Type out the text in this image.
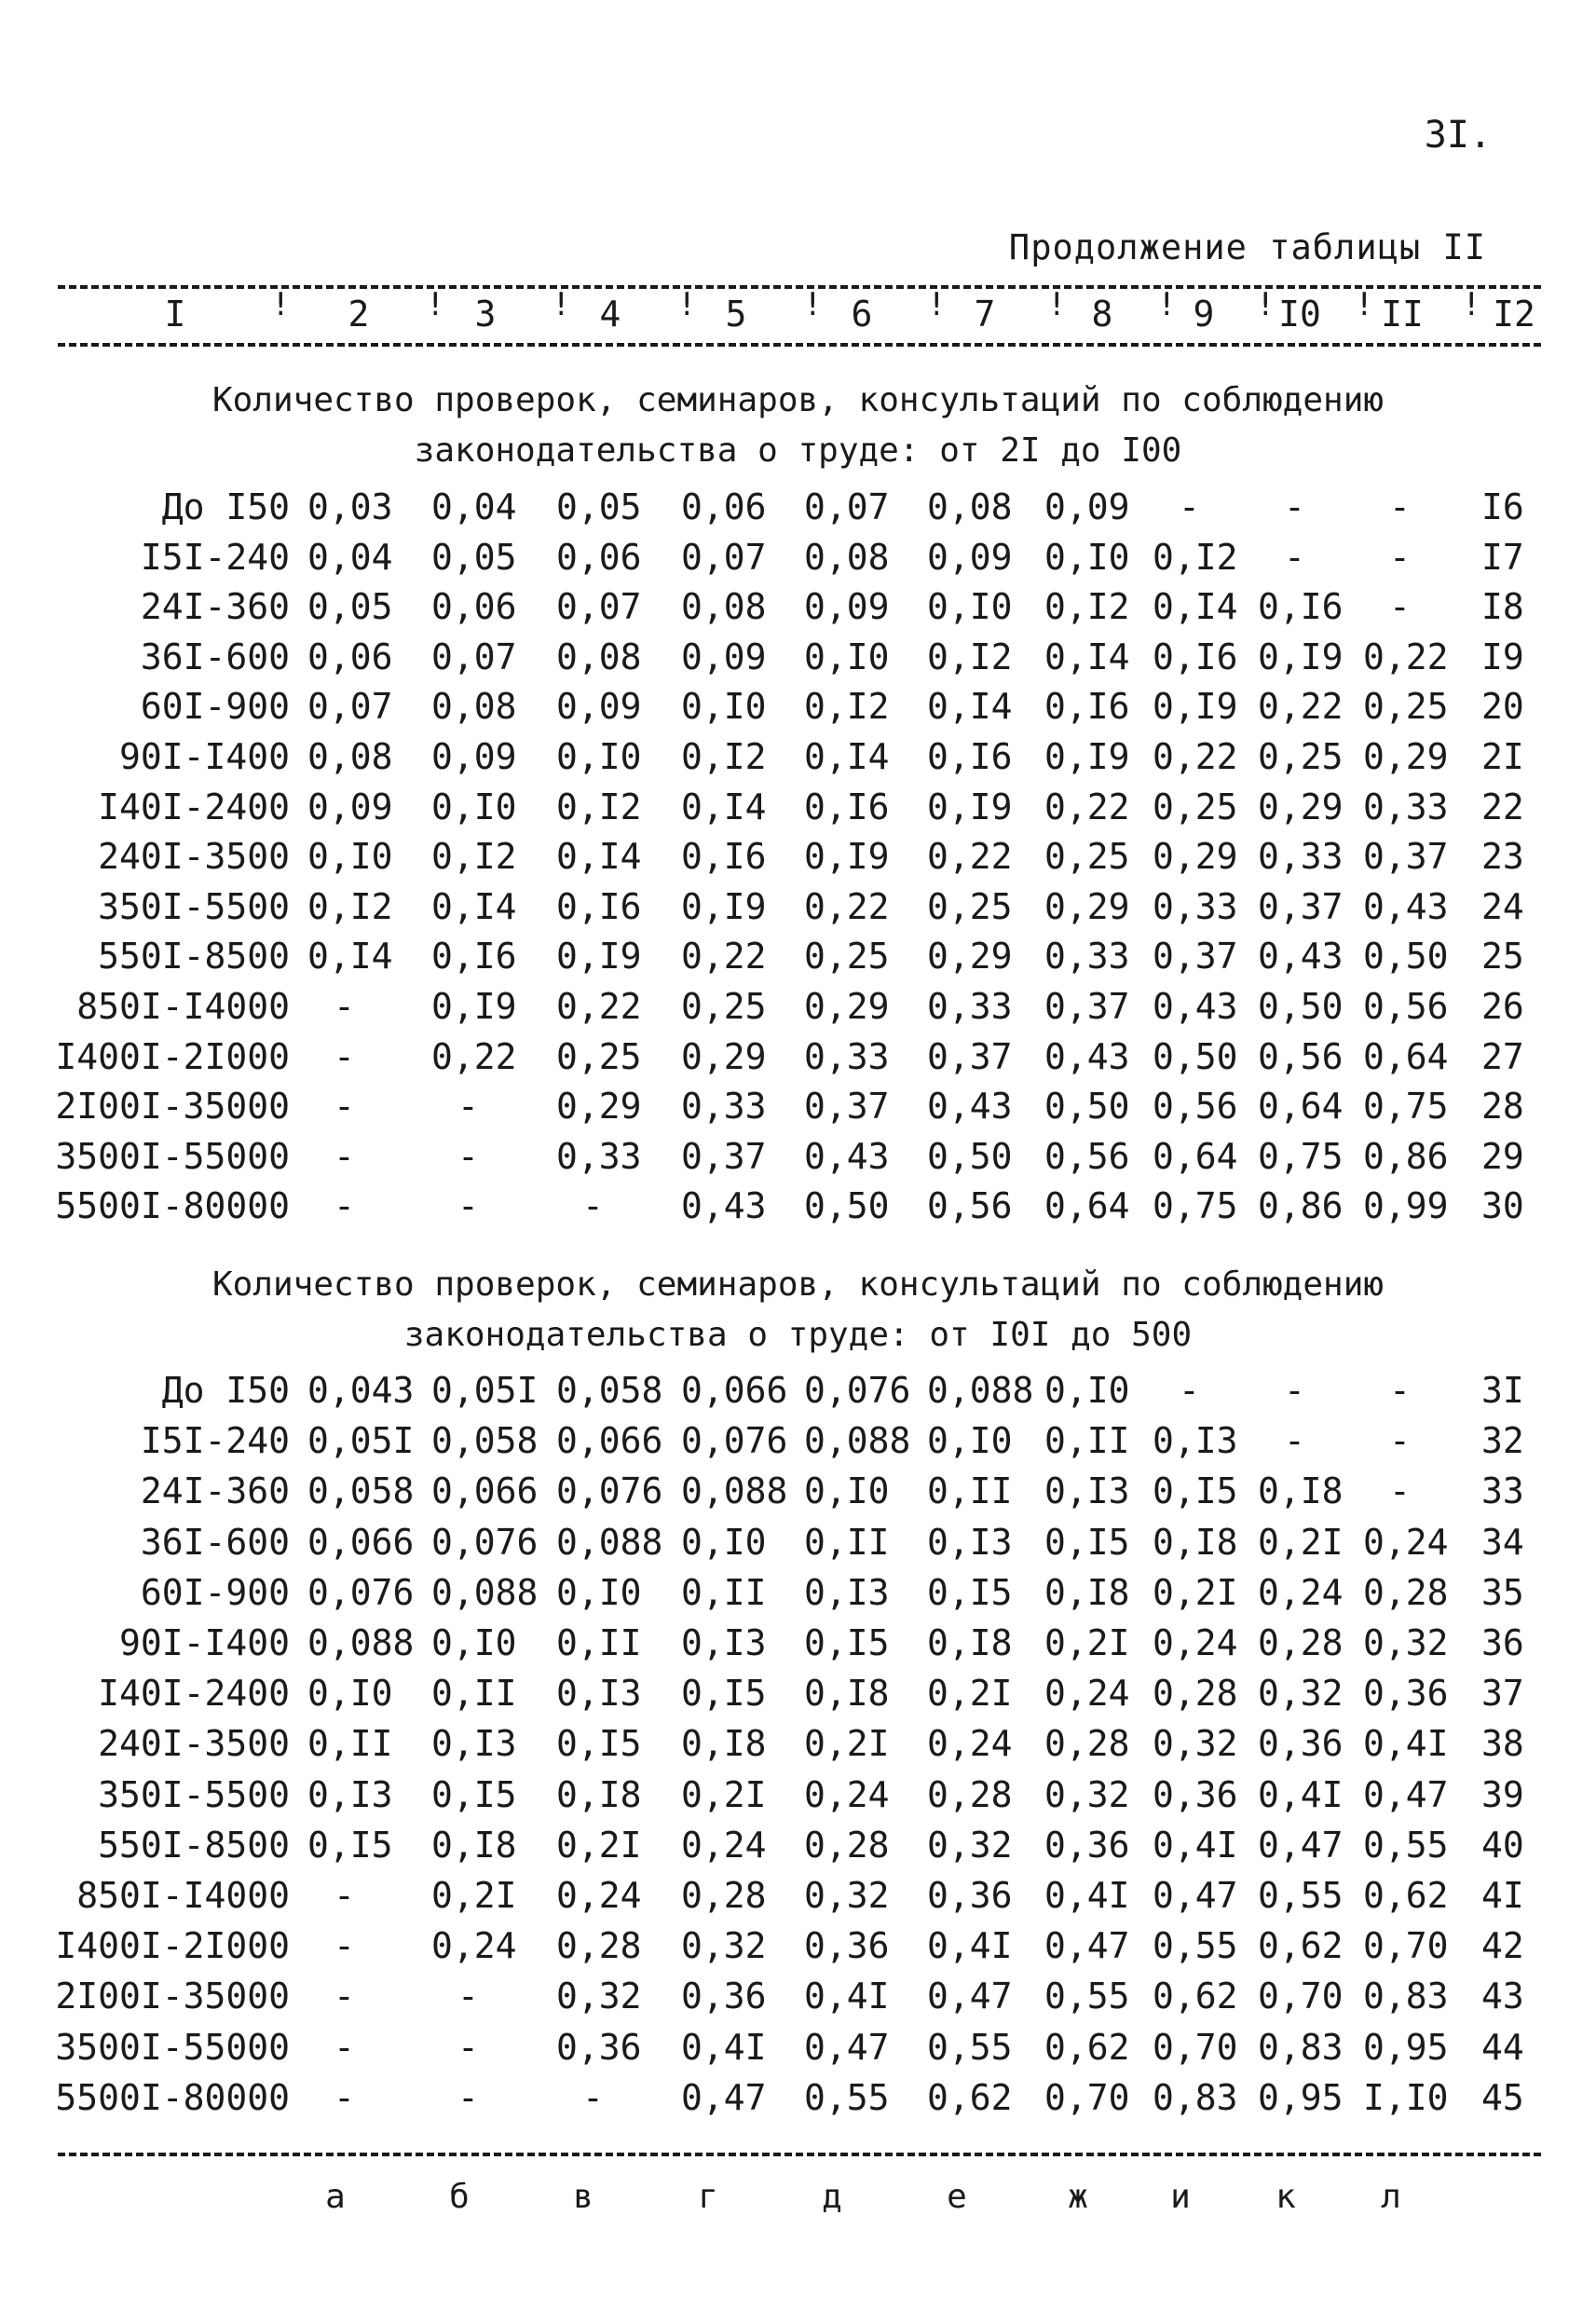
3I.
Продолжение таблицы II
I	!	2	! 3	! 4	! 5	! 6	! 7	! 8	! 9	! I0 ! II ! I2
Количество проверок, семинаров, консультаций по соблюдению
законодательства о труде: от 2I до I00
До I50 0,03 0,04 0,05 0,06 0,07 0,08 0,09 - - - I6
I5I-240 0,04 0,05 0,06 0,07 0,08 0,09 0,I0 0,I2 - - I7
24I-360 0,05 0,06 0,07 0,08 0,09 0,I0 0,I2 0,I4 0,I6 - I8
36I-600 0,06 0,07 0,08 0,09 0,I0 0,I2 0,I4 0,I6 0,I9 0,22 I9
60I-900 0,07 0,08 0,09 0,I0 0,I2 0,I4 0,I6 0,I9 0,22 0,25 20
90I-I400 0,08 0,09 0,I0 0,I2 0,I4 0,I6 0,I9 0,22 0,25 0,29 2I
I40I-2400 0,09 0,I0 0,I2 0,I4 0,I6 0,I9 0,22 0,25 0,29 0,33 22
240I-3500 0,I0 0,I2 0,I4 0,I6 0,I9 0,22 0,25 0,29 0,33 0,37 23
350I-5500 0,I2 0,I4 0,I6 0,I9 0,22 0,25 0,29 0,33 0,37 0,43 24
550I-8500 0,I4 0,I6 0,I9 0,22 0,25 0,29 0,33 0,37 0,43 0,50 25
850I-I4000 - 0,I9 0,22 0,25 0,29 0,33 0,37 0,43 0,50 0,56 26
I400I-2I000 - 0,22 0,25 0,29 0,33 0,37 0,43 0,50 0,56 0,64 27
2I00I-35000 -	- 0,29 0,33 0,37 0,43 0,50 0,56 0,64 0,75 28
3500I-55000 -	- 0,33 0,37 0,43 0,50 0,56 0,64 0,75 0,86 29
5500I-80000 -	-	- 0,43 0,50 0,56 0,64 0,75 0,86 0,99 30
Количество проверок, семинаров, консультаций по соблюдению
законодательства о труде: от I0I до 500
До I50 0,043 0,05I 0,058 0,066 0,076 0,088 0,I0 - - - 3I
I5I-240 0,05I 0,058 0,066 0,076 0,088 0,I0 0,II 0,I3 - - 32
24I-360 0,058 0,066 0,076 0,088 0,I0 0,II 0,I3 0,I5 0,I8 - 33
36I-600 0,066 0,076 0,088 0,I0 0,II 0,I3 0,I5 0,I8 0,2I 0,24 34
60I-900 0,076 0,088 0,I0 0,II 0,I3 0,I5 0,I8 0,2I 0,24 0,28 35
90I-I400 0,088 0,I0 0,II 0,I3 0,I5 0,I8 0,2I 0,24 0,28 0,32 36
I40I-2400 0,I0 0,II 0,I3 0,I5 0,I8 0,2I 0,24 0,28 0,32 0,36 37
240I-3500 0,II 0,I3 0,I5 0,I8 0,2I 0,24 0,28 0,32 0,36 0,4I 38
350I-5500 0,I3 0,I5 0,I8 0,2I 0,24 0,28 0,32 0,36 0,4I 0,47 39
550I-8500 0,I5 0,I8 0,2I 0,24 0,28 0,32 0,36 0,4I 0,47 0,55 40
850I-I4000 - 0,2I 0,24 0,28 0,32 0,36 0,4I 0,47 0,55 0,62 4I
I400I-2I000 - 0,24 0,28 0,32 0,36 0,4I 0,47 0,55 0,62 0,70 42
2I00I-35000 -	- 0,32 0,36 0,4I 0,47 0,55 0,62 0,70 0,83 43
3500I-55000 -	- 0,36 0,4I 0,47 0,55 0,62 0,70 0,83 0,95 44
5500I-80000 -	-	- 0,47 0,55 0,62 0,70 0,83 0,95 I,I0 45
а	б	в	г	д	е	ж	и	к	л
